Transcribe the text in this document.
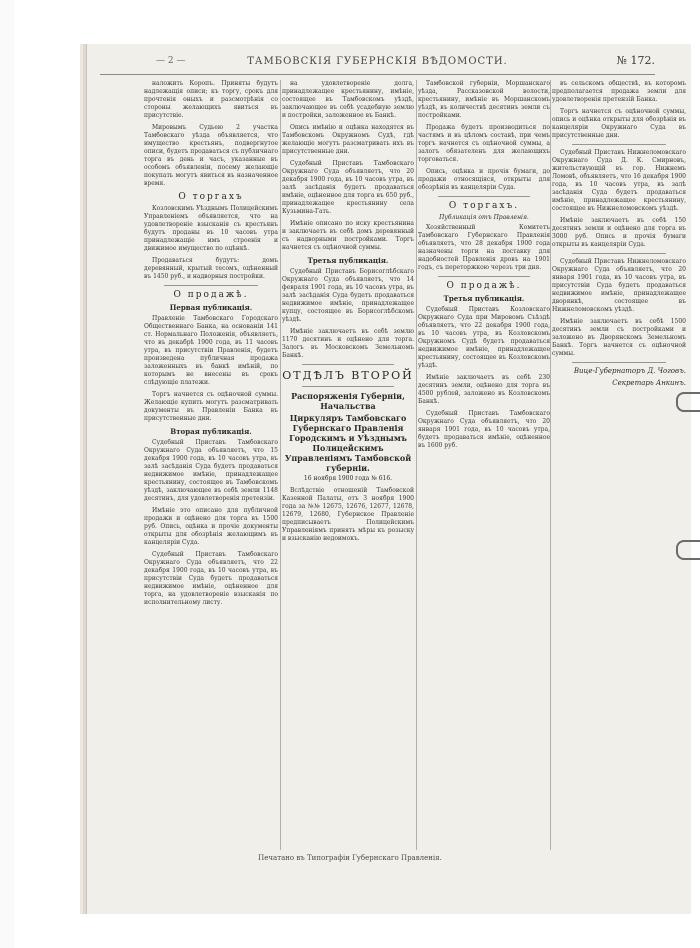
— 2 —	ТАМБОВСКІЯ ГУБЕРНСКІЯ ВѢДОМОСТИ.	№ 172.

наложить Коропъ. Приняты будутъ надлежащія описи; къ торгу, срокъ для прочтенія оныхъ и разсмотрѣнія со стороны желающихъ явиться въ присутствіе.

Мировымъ Судьею 2 участка Тамбовскаго уѣзда объявляется, что имущество крестьянъ, подвергнутое описи, будетъ продаваться съ публичнаго торга въ день и часъ, указанные въ особомъ объявленіи, посему желающіе покупать могутъ явиться въ назначенное время.

О торгахъ

Козловскимъ Уѣзднымъ Полицейскимъ Управленіемъ объявляется, что на удовлетвореніе взысканія съ крестьянъ будутъ проданы въ 10 часовъ утра принадлежащіе имъ строенія и движимое имущество по оцѣнкѣ.

Продаваться будутъ: домъ деревянный, крытый тесомъ, оцѣненный въ 1450 руб., и надворныя постройки.

О продажѣ.
Первая публикація.

Правленіе Тамбовскаго Городскаго Общественнаго Банка, на основаніи 141 ст. Нормальнаго Положенія, объявляетъ, что въ декабрѣ 1900 года, въ 11 часовъ утра, въ присутствіи Правленія, будетъ произведена публичная продажа заложенныхъ въ банкѣ имѣній, по которымъ не внесены въ срокъ слѣдующіе платежи.

Торгъ начнется съ оцѣночной суммы. Желающіе купить могутъ разсматривать документы въ Правленіи Банка въ присутственные дни.

Вторая публикація.

Судебный Приставъ Тамбовскаго Окружнаго Суда объявляетъ, что 15 декабря 1900 года, въ 10 часовъ утра, въ залѣ засѣданія Суда будетъ продаваться недвижимое имѣніе, принадлежащее крестьянину, состоящее въ Тамбовскомъ уѣздѣ, заключающее въ себѣ земли 1148 десятинъ, для удовлетворенія претензіи.

Имѣніе это описано для публичной продажи и оцѣнено для торга въ 1500 руб. Опись, оцѣнка и прочіе документы открыты для обозрѣнія желающимъ въ канцеляріи Суда.

Судебный Приставъ Тамбовскаго Окружнаго Суда объявляетъ, что 22 декабря 1900 года, въ 10 часовъ утра, въ присутствіи Суда будетъ продаваться недвижимое имѣніе, оцѣненное для торга, на удовлетвореніе взысканія по исполнительному листу.

на удовлетвореніе долга, принадлежащее крестьянину, имѣніе, состоящее въ Тамбовскомъ уѣздѣ, заключающее въ себѣ усадебную землю и постройки, заложенное въ Банкѣ.

Опись имѣнію и оцѣнка находятся въ Тамбовскомъ Окружномъ Судѣ, гдѣ желающіе могутъ разсматривать ихъ въ присутственные дни.

Судебный Приставъ Тамбовскаго Окружнаго Суда объявляетъ, что 20 декабря 1900 года, въ 10 часовъ утра, въ залѣ засѣданія будетъ продаваться имѣніе, оцѣненное для торга въ 650 руб., принадлежащее крестьянину села Кузьмина-Гать.

Имѣніе описано по иску крестьянина и заключаетъ въ себѣ домъ деревянный съ надворными постройками. Торгъ начнется съ оцѣночной суммы.

Третья публикація.

Судебный Приставъ Борисоглѣбскаго Окружнаго Суда объявляетъ, что 14 февраля 1901 года, въ 10 часовъ утра, въ залѣ засѣданія Суда будетъ продаваться недвижимое имѣніе, принадлежащее купцу, состоящее въ Борисоглѣбскомъ уѣздѣ.

Имѣніе заключаетъ въ себѣ землю 1170 десятинъ и оцѣнено для торга. Залогъ въ Московскомъ Земельномъ Банкѣ.

ОТДѢЛЪ ВТОРОЙ
Распоряженія Губерніи, Начальства
Циркуляръ Тамбовскаго Губернскаго Правленія Городскимъ и Уѣзднымъ Полицейскимъ Управленіямъ Тамбовской губерніи.
16 ноября 1900 года № 616.

Вслѣдствіе отношеній Тамбовской Казенной Палаты, отъ 3 ноября 1900 года за №№ 12675, 12676, 12677, 12678, 12679, 12680, Губернское Правленіе предписываетъ Полицейскимъ Управленіямъ принять мѣры къ розыску и взысканію недоимокъ.

Тамбовской губерніи, Моршанскаго уѣзда, Рассказовской волости, крестьянину, имѣніе въ Моршанскомъ уѣздѣ, въ количествѣ десятинъ земли съ постройками.

Продажа будетъ производиться по частямъ и въ цѣломъ составѣ, при чемъ торгъ начнется съ оцѣночной суммы, а залогъ обязателенъ для желающихъ торговаться.

Опись, оцѣнка и прочія бумаги, до продажи относящіяся, открыты для обозрѣнія въ канцеляріи Суда.

О торгахъ.
Публикація отъ Правленія.

Хозяйственный Комитетъ Тамбовскаго Губернскаго Правленія объявляетъ, что 28 декабря 1900 года назначены торги на поставку для надобностей Правленія дровъ на 1901 годъ, съ переторжкою черезъ три дня.

О продажѣ.
Третья публикація.

Судебный Приставъ Козловскаго Окружнаго Суда при Мировомъ Съѣздѣ объявляетъ, что 22 декабря 1900 года, въ 10 часовъ утра, въ Козловскомъ Окружномъ Судѣ будетъ продаваться недвижимое имѣніе, принадлежащее крестьянину, состоящее въ Козловскомъ уѣздѣ.

Имѣніе заключаетъ въ себѣ 230 десятинъ земли, оцѣнено для торга въ 4500 рублей, заложено въ Козловскомъ Банкѣ.

Судебный Приставъ Тамбовскаго Окружнаго Суда объявляетъ, что 20 января 1901 года, въ 10 часовъ утра, будетъ продаваться имѣніе, оцѣненное въ 1600 руб.

въ сельскомъ обществѣ, въ которомъ предполагается продажа земли для удовлетворенія претензій Банка.

Торгъ начнется съ оцѣночной суммы, опись и оцѣнка открыты для обозрѣнія въ канцеляріи Окружнаго Суда въ присутственные дни.

Судебный Приставъ Нижнеломовскаго Окружнаго Суда Д. К. Смирновъ, жительствующій въ гор. Нижнемъ Ломовѣ, объявляетъ, что 16 декабря 1900 года, въ 10 часовъ утра, въ залѣ засѣданія Суда будетъ продаваться имѣніе, принадлежащее крестьянину, состоящее въ Нижнеломовскомъ уѣздѣ.

Имѣніе заключаетъ въ себѣ 150 десятинъ земли и оцѣнено для торга въ 3000 руб. Опись и прочія бумаги открыты въ канцеляріи Суда.

Судебный Приставъ Нижнеломовскаго Окружнаго Суда объявляетъ, что 20 января 1901 года, въ 10 часовъ утра, въ присутствіи Суда будетъ продаваться недвижимое имѣніе, принадлежащее дворянкѣ, состоящее въ Нижнеломовскомъ уѣздѣ.

Имѣніе заключаетъ въ себѣ 1500 десятинъ земли съ постройками и заложено въ Дворянскомъ Земельномъ Банкѣ. Торгъ начнется съ оцѣночной суммы.

Вице-Губернаторъ Д. Чоговъ.
Секретарь Анкинъ.
Печатано въ Типографіи Губернскаго Правленія.
